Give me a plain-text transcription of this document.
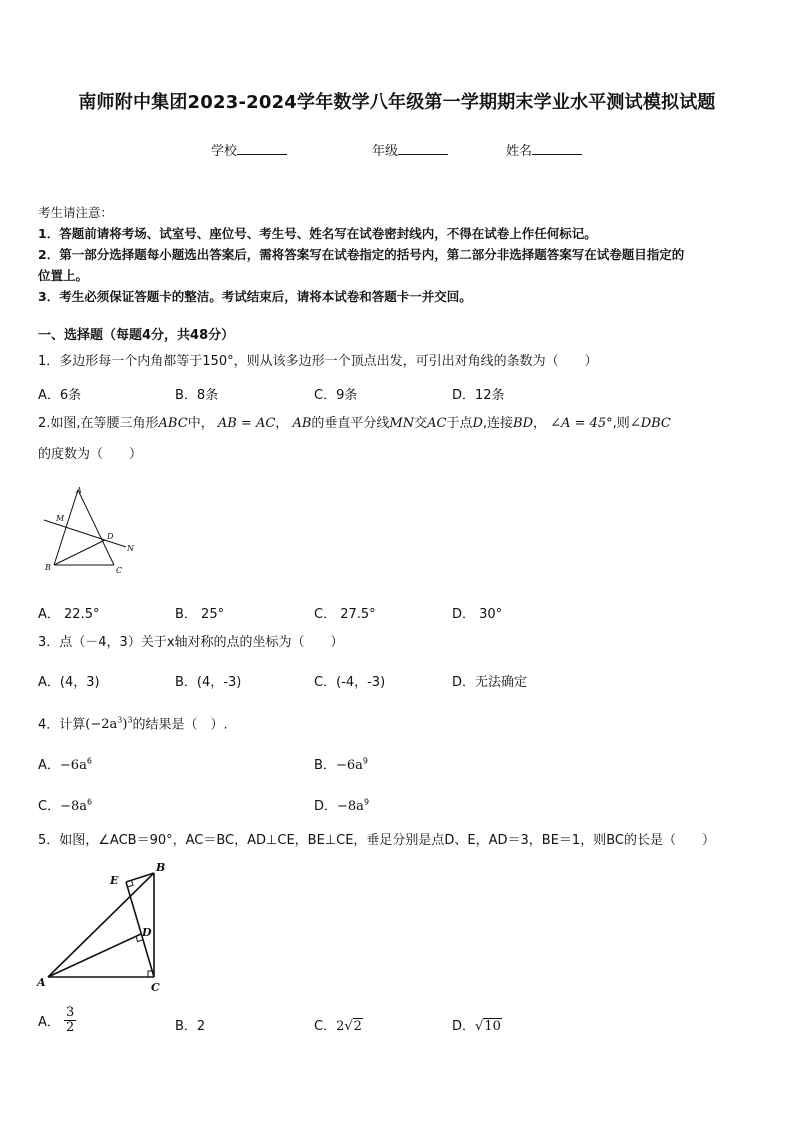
南师附中集团2023-2024学年数学八年级第一学期期末学业水平测试模拟试题
学校	年级	姓名
考生请注意：
1．答题前请将考场、试室号、座位号、考生号、姓名写在试卷密封线内，不得在试卷上作任何标记。
2．第一部分选择题每小题选出答案后，需将答案写在试卷指定的括号内，第二部分非选择题答案写在试卷题目指定的
位置上。
3．考生必须保证答题卡的整洁。考试结束后，请将本试卷和答题卡一并交回。
一、选择题（每题4分，共48分）
1．多边形每一个内角都等于150°，则从该多边形一个顶点出发，可引出对角线的条数为（　　）
A．6条	B．8条	C．9条	D．12条
2.如图,在等腰三角形ABC中， AB = AC， AB的垂直平分线MN交AC于点D,连接BD， ∠A = 45°,则∠DBC
的度数为（　　）
A
M
D
N
B	C
A． 22.5°	B． 25°	C． 27.5°	D． 30°
3．点（－4，3）关于x轴对称的点的坐标为（　　）
A．(4，3)	B．(4，-3)	C．(-4，-3)	D．无法确定
4．计算$(-2a^3)^3$的结果是（　）.
A．$-6a^6$	B．$-6a^9$
C．$-8a^6$	D．$-8a^9$
5．如图，∠ACB＝90°，AC＝BC，AD⊥CE，BE⊥CE，垂足分别是点D、E，AD＝3，BE＝1，则BC的长是（　　）
A
B
C
D
E
A． $\frac{3}{2}$	B．2	C．2√2	D．√10
